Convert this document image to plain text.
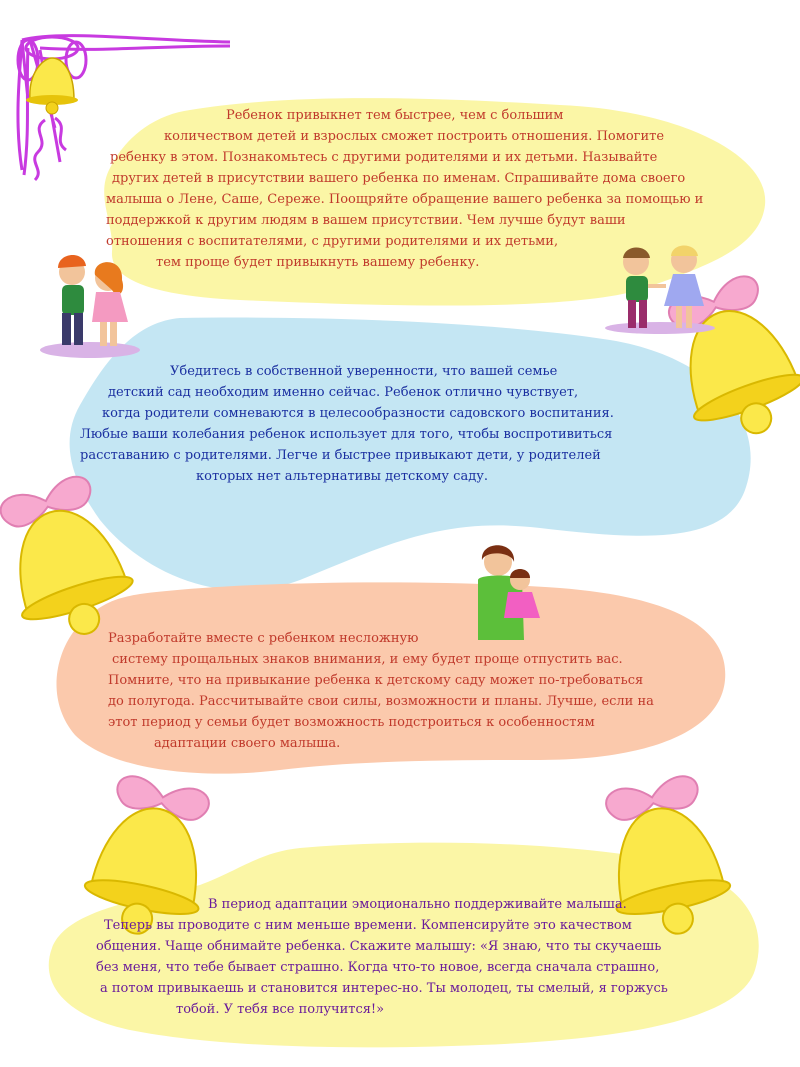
Ребенок привыкнет тем быстрее, чем с большим
количеством детей и взрослых сможет построить отношения. Помогите
ребенку в этом. Познакомьтесь с другими родителями и их детьми. Называйте
других детей в присутствии вашего ребенка по именам. Спрашивайте дома своего
малыша о Лене, Саше, Сереже. Поощряйте обращение вашего ребенка за помощью и
поддержкой к другим людям в вашем присутствии. Чем лучше будут ваши
отношения с воспитателями, с другими родителями и их детьми,
тем проще будет привыкнуть вашему ребенку.
Убедитесь в собственной уверенности, что вашей семье
детский сад необходим именно сейчас. Ребенок отлично чувствует,
когда родители сомневаются в целесообразности садовского воспитания.
Любые ваши колебания ребенок использует для того, чтобы воспротивиться
расставанию с родителями. Легче и быстрее привыкают дети, у родителей
которых нет альтернативы детскому саду.
Разработайте вместе с ребенком несложную
систему прощальных знаков внимания, и ему будет проще отпустить вас.
Помните, что на привыкание ребенка к детскому саду может по-требоваться
до полугода. Рассчитывайте свои силы, возможности и планы. Лучше, если на
этот период у семьи будет возможность подстроиться к особенностям
адаптации своего малыша.
В период адаптации эмоционально поддерживайте малыша.
Теперь вы проводите с ним меньше времени. Компенсируйте это качеством
общения. Чаще обнимайте ребенка. Скажите малышу: «Я знаю, что ты скучаешь
без меня, что тебе бывает страшно. Когда что-то новое, всегда сначала страшно,
а потом привыкаешь и становится интерес-но. Ты молодец, ты смелый, я горжусь
тобой. У тебя все получится!»
